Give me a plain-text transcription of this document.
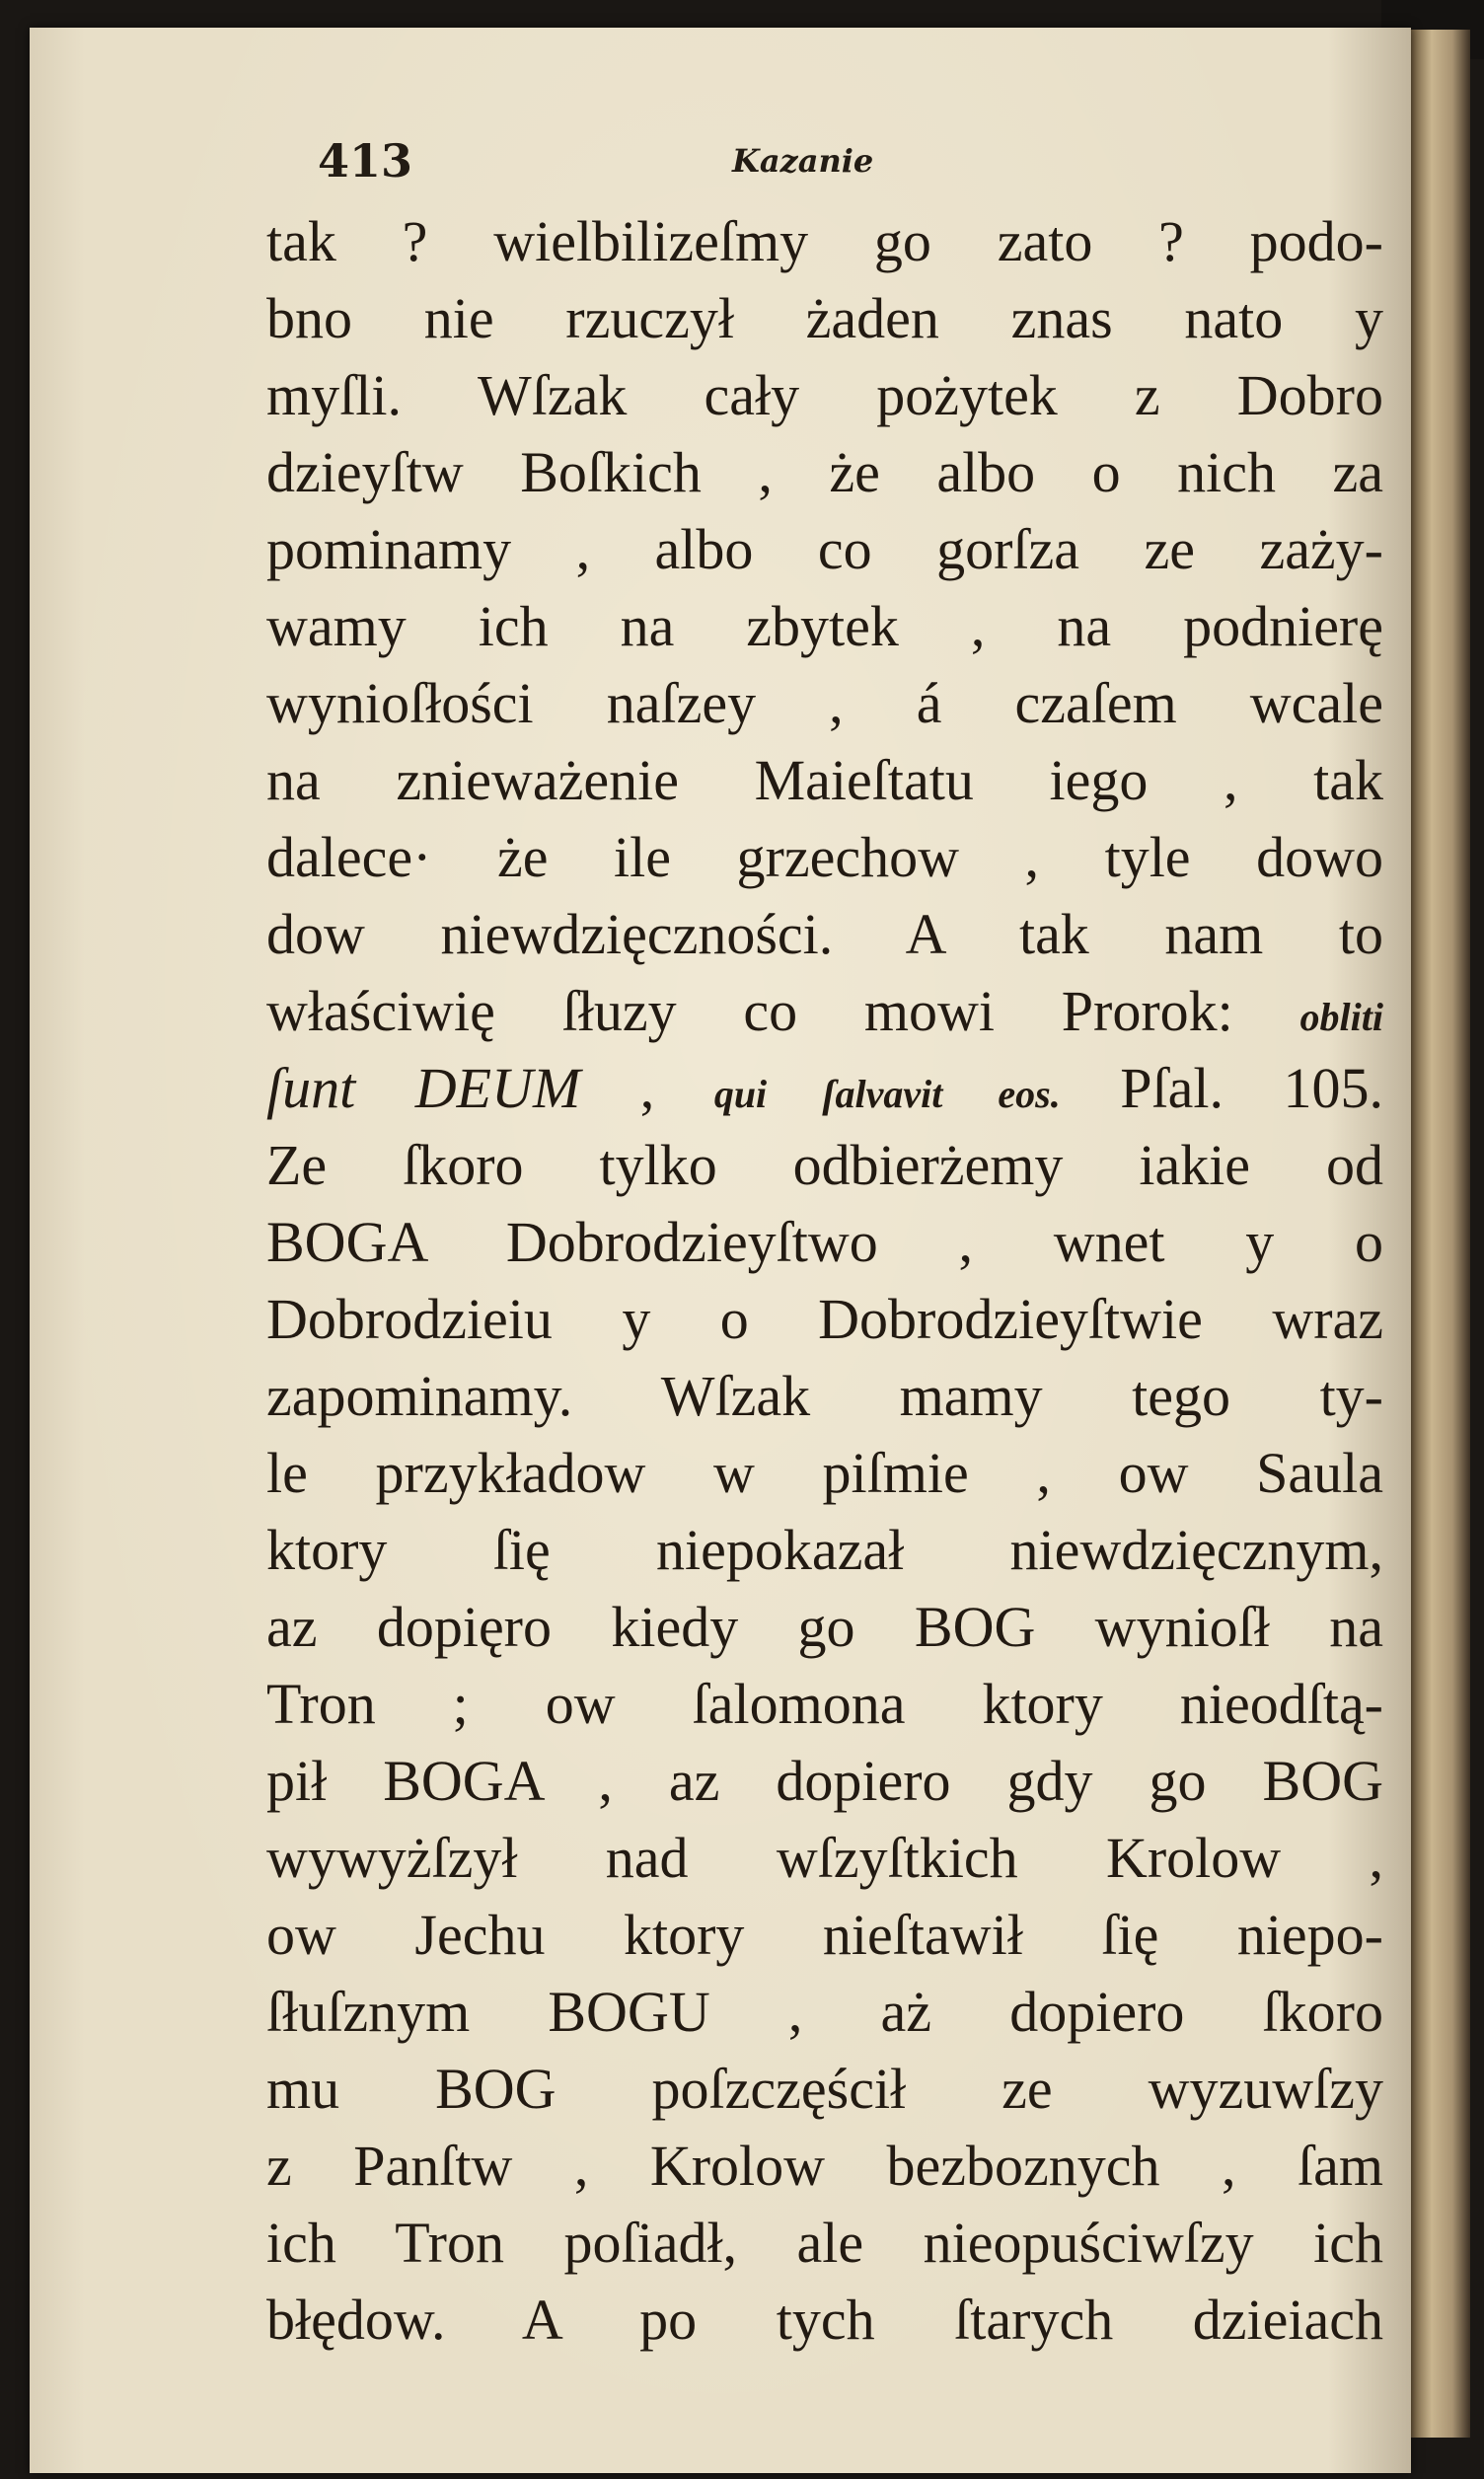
413	Kazanie
tak ? wielbilizeſmy go zato ? podo-
bno nie rzuczył żaden znas nato y
myſli. Wſzak cały pożytek z Dobro
dzieyſtw Boſkich , że albo o nich za
pominamy , albo co gorſza ze zaży-
wamy ich na zbytek , na podnierę
wynioſłości naſzey , á czaſem wcale
na znieważenie Maieſtatu iego , tak
dalece· że ile grzechow , tyle dowo
dow niewdzięczności. A tak nam to
właściwię ſłuzy co mowi Prorok: obliti
ſunt DEUM , qui ſalvavit eos. Pſal. 105.
Ze ſkoro tylko odbierżemy iakie od
BOGA Dobrodzieyſtwo , wnet y o
Dobrodzieiu y o Dobrodzieyſtwie wraz
zapominamy. Wſzak mamy tego ty-
le przykładow w piſmie , ow Saula
ktory ſię niepokazał niewdzięcznym,
az dopięro kiedy go BOG wynioſł na
Tron ; ow ſalomona ktory nieodſtą-
pił BOGA , az dopiero gdy go BOG
wywyżſzył nad wſzyſtkich Krolow ,
ow Jechu ktory nieſtawił ſię niepo-
ſłuſznym BOGU , aż dopiero ſkoro
mu BOG poſzczęścił ze wyzuwſzy
z Panſtw , Krolow bezboznych , ſam
ich Tron poſiadł, ale nieopuściwſzy ich
błędow. A po tych ſtarych dzieiach
